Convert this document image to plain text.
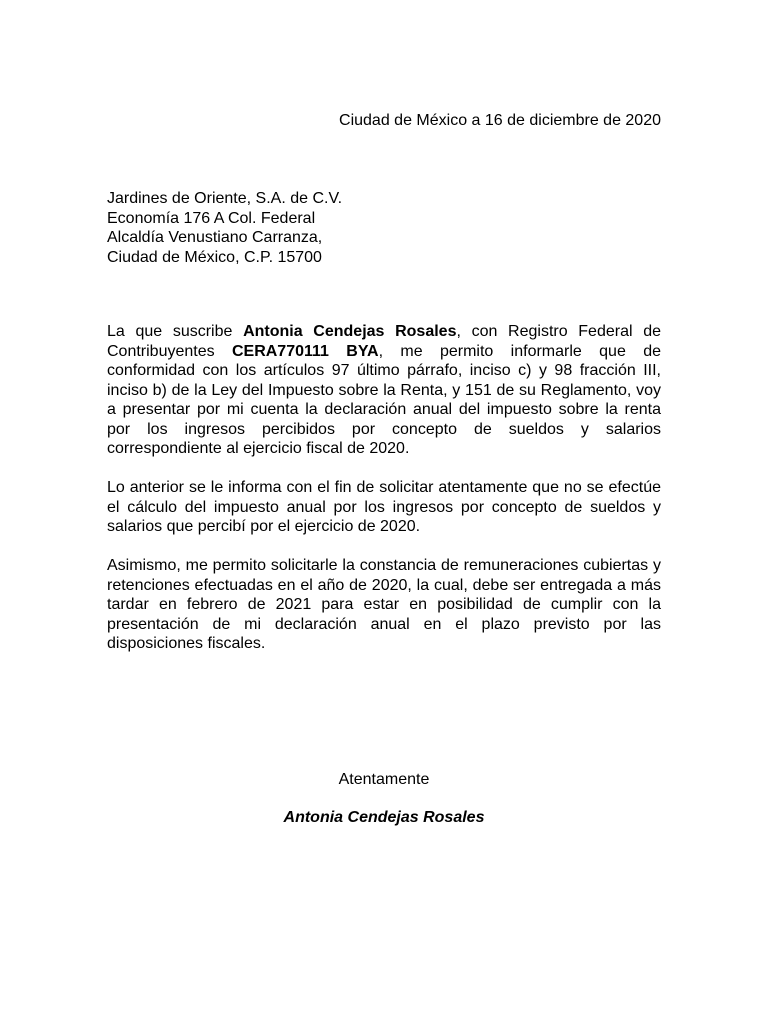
Ciudad de México a 16 de diciembre de 2020
Jardines de Oriente, S.A. de C.V.
Economía 176 A Col. Federal
Alcaldía Venustiano Carranza,
Ciudad de México, C.P. 15700

La que suscribe Antonia Cendejas Rosales, con Registro Federal de Contribuyentes CERA770111 BYA, me permito informarle que de conformidad con los artículos 97 último párrafo, inciso c) y 98 fracción III, inciso b) de la Ley del Impuesto sobre la Renta, y 151 de su Reglamento, voy a presentar por mi cuenta la declaración anual del impuesto sobre la renta por los ingresos percibidos por concepto de sueldos y salarios correspondiente al ejercicio fiscal de 2020.

Lo anterior se le informa con el fin de solicitar atentamente que no se efectúe el cálculo del impuesto anual por los ingresos por concepto de sueldos y salarios que percibí por el ejercicio de 2020.

Asimismo, me permito solicitarle la constancia de remuneraciones cubiertas y retenciones efectuadas en el año de 2020, la cual, debe ser entregada a más tardar en febrero de 2021 para estar en posibilidad de cumplir con la presentación de mi declaración anual en el plazo previsto por las disposiciones fiscales.

Atentamente
Antonia Cendejas Rosales
